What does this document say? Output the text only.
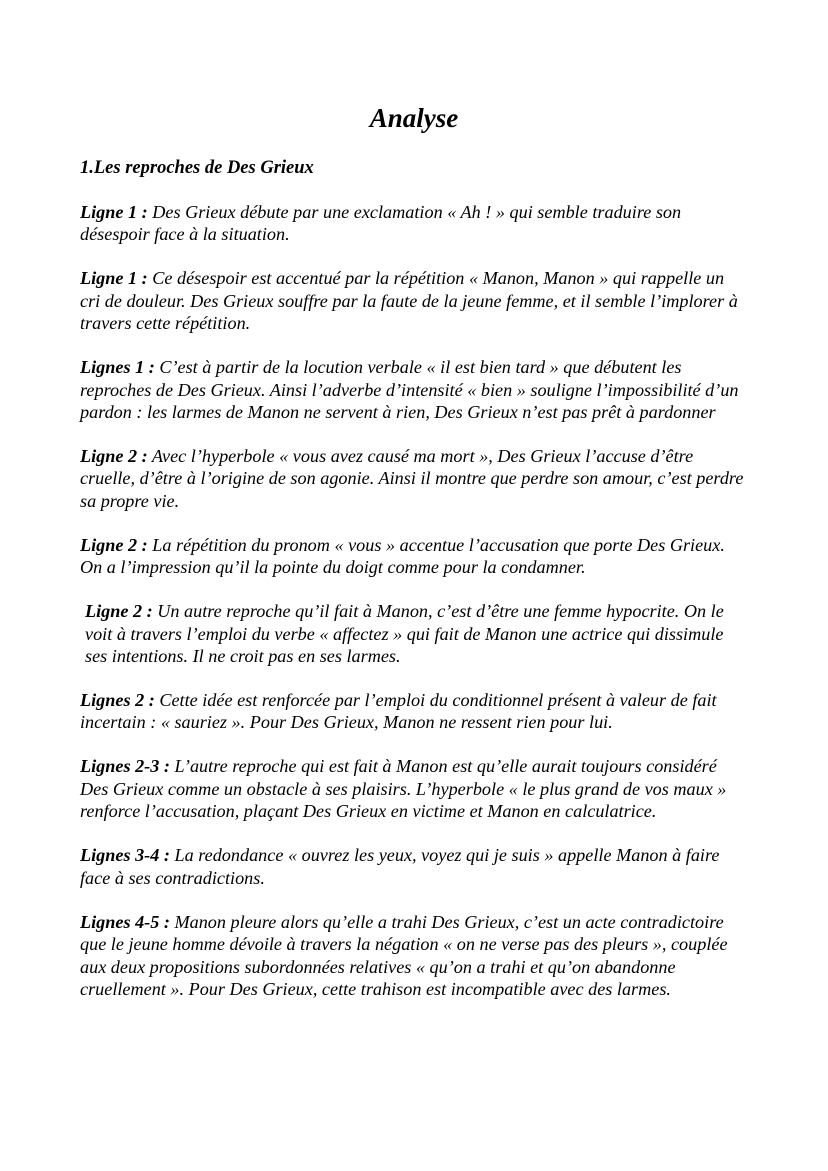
Analyse
1.Les reproches de Des Grieux

Ligne 1 : Des Grieux débute par une exclamation « Ah ! » qui semble traduire son désespoir face à la situation.

Ligne 1 : Ce désespoir est accentué par la répétition « Manon, Manon » qui rappelle un cri de douleur. Des Grieux souffre par la faute de la jeune femme, et il semble l’implorer à travers cette répétition.

Lignes 1 : C’est à partir de la locution verbale « il est bien tard » que débutent les reproches de Des Grieux. Ainsi l’adverbe d’intensité « bien » souligne l’impossibilité d’un pardon : les larmes de Manon ne servent à rien, Des Grieux n’est pas prêt à pardonner

Ligne 2 : Avec l’hyperbole « vous avez causé ma mort », Des Grieux l’accuse d’être cruelle, d’être à l’origine de son agonie. Ainsi il montre que perdre son amour, c’est perdre sa propre vie.

Ligne 2 : La répétition du pronom « vous » accentue l’accusation que porte Des Grieux. On a l’impression qu’il la pointe du doigt comme pour la condamner.

Ligne 2 : Un autre reproche qu’il fait à Manon, c’est d’être une femme hypocrite. On le voit à travers l’emploi du verbe « affectez » qui fait de Manon une actrice qui dissimule ses intentions. Il ne croit pas en ses larmes.

Lignes 2 : Cette idée est renforcée par l’emploi du conditionnel présent à valeur de fait incertain : « sauriez ». Pour Des Grieux, Manon ne ressent rien pour lui.

Lignes 2-3 : L’autre reproche qui est fait à Manon est qu’elle aurait toujours considéré Des Grieux comme un obstacle à ses plaisirs. L’hyperbole « le plus grand de vos maux » renforce l’accusation, plaçant Des Grieux en victime et Manon en calculatrice.

Lignes 3-4 : La redondance « ouvrez les yeux, voyez qui je suis » appelle Manon à faire face à ses contradictions.

Lignes 4-5 : Manon pleure alors qu’elle a trahi Des Grieux, c’est un acte contradictoire que le jeune homme dévoile à travers la négation « on ne verse pas des pleurs », couplée aux deux propositions subordonnées relatives « qu’on a trahi et qu’on abandonne cruellement ». Pour Des Grieux, cette trahison est incompatible avec des larmes.
